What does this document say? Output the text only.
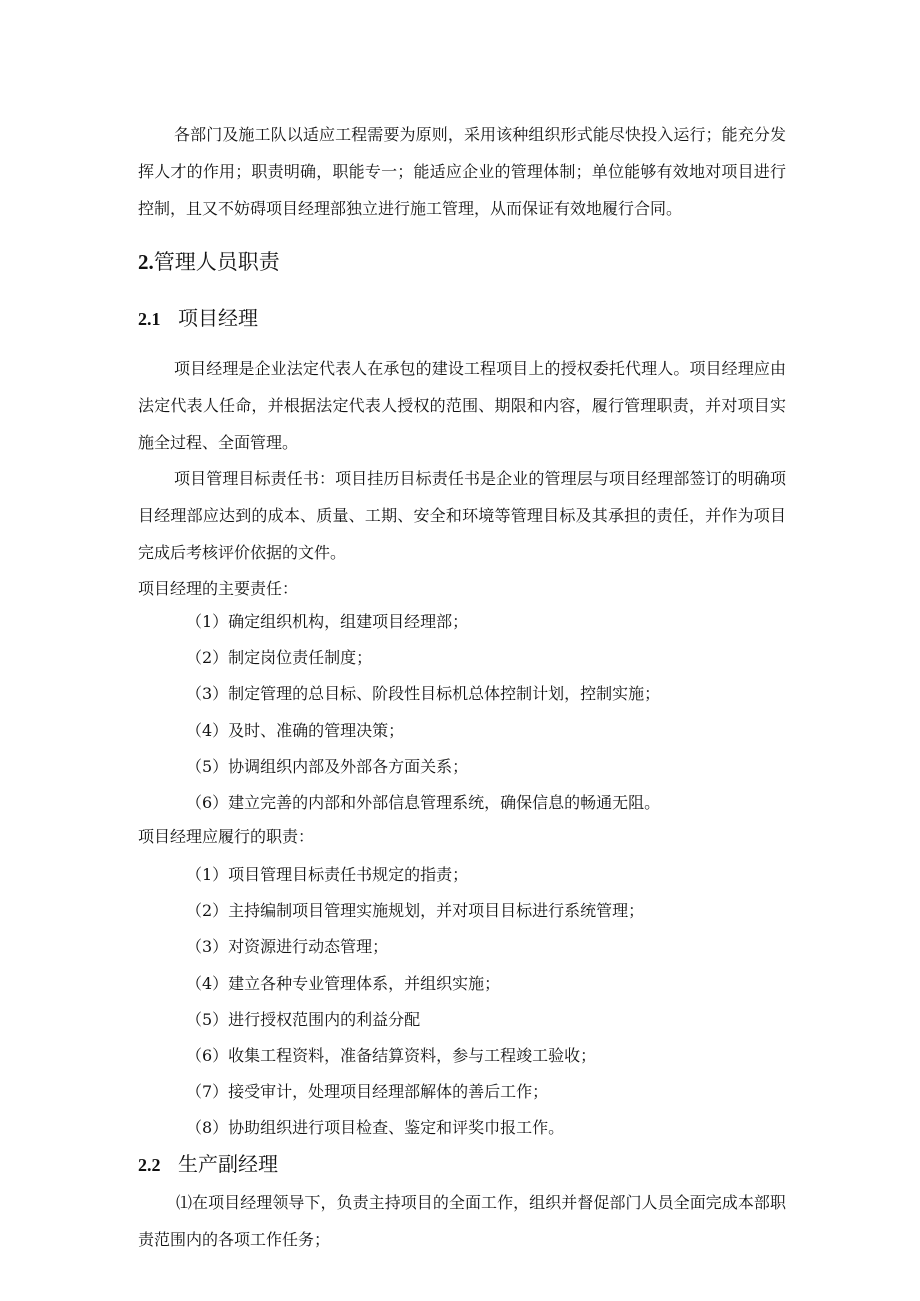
各部门及施工队以适应工程需要为原则，采用该种组织形式能尽快投入运行；能充分发挥人才的作用；职责明确，职能专一；能适应企业的管理体制；单位能够有效地对项目进行控制，且又不妨碍项目经理部独立进行施工管理，从而保证有效地履行合同。

2.管理人员职责
2.1 项目经理

项目经理是企业法定代表人在承包的建设工程项目上的授权委托代理人。项目经理应由法定代表人任命，并根据法定代表人授权的范围、期限和内容，履行管理职责，并对项目实施全过程、全面管理。

项目管理目标责任书：项目挂历目标责任书是企业的管理层与项目经理部签订的明确项目经理部应达到的成本、质量、工期、安全和环境等管理目标及其承担的责任，并作为项目完成后考核评价依据的文件。

项目经理的主要责任：

（1）确定组织机构，组建项目经理部；
（2）制定岗位责任制度；
（3）制定管理的总目标、阶段性目标机总体控制计划，控制实施；
（4）及时、准确的管理决策；
（5）协调组织内部及外部各方面关系；
（6）建立完善的内部和外部信息管理系统，确保信息的畅通无阻。

项目经理应履行的职责：

（1）项目管理目标责任书规定的指责；
（2）主持编制项目管理实施规划，并对项目目标进行系统管理；
（3）对资源进行动态管理；
（4）建立各种专业管理体系，并组织实施；
（5）进行授权范围内的利益分配
（6）收集工程资料，准备结算资料，参与工程竣工验收；
（7）接受审计，处理项目经理部解体的善后工作；
（8）协助组织进行项目检查、鉴定和评奖巾报工作。
2.2 生产副经理

⑴在项目经理领导下，负责主持项目的全面工作，组织并督促部门人员全面完成本部职责范围内的各项工作任务；
